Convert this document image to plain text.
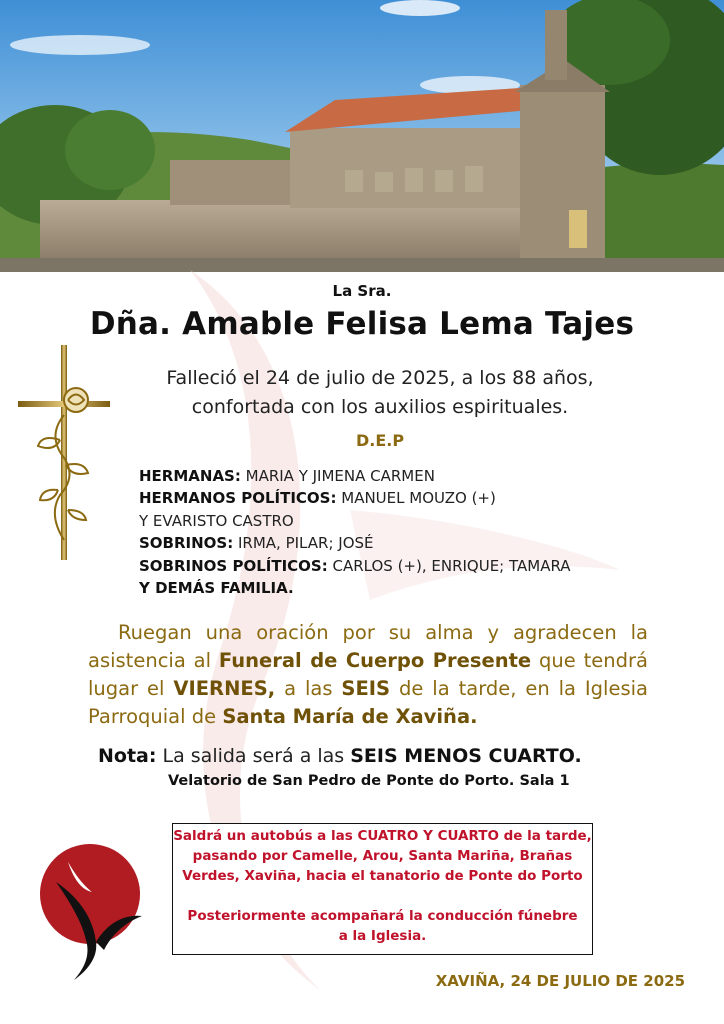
La Sra.
Dña. Amable Felisa Lema Tajes
Falleció el 24 de julio de 2025, a los 88 años,
confortada con los auxilios espirituales.
D.E.P
HERMANAS: MARIA Y JIMENA CARMEN
HERMANOS POLÍTICOS: MANUEL MOUZO (+)
Y EVARISTO CASTRO
SOBRINOS: IRMA, PILAR; JOSÉ
SOBRINOS POLÍTICOS: CARLOS (+), ENRIQUE; TAMARA
Y DEMÁS FAMILIA.
Ruegan una oración por su alma y agradecen la asistencia al Funeral de Cuerpo Presente que tendrá lugar el VIERNES, a las SEIS de la tarde, en la Iglesia Parroquial de Santa María de Xaviña.
Nota: La salida será a las SEIS MENOS CUARTO.
Velatorio de San Pedro de Ponte do Porto. Sala 1

Saldrá un autobús a las CUATRO Y CUARTO de la tarde,

pasando por Camelle, Arou, Santa Mariña, Brañas

Verdes, Xaviña, hacia el tanatorio de Ponte do Porto

Posteriormente acompañará la conducción fúnebre

a la Iglesia.

XAVIÑA, 24 DE JULIO DE 2025
